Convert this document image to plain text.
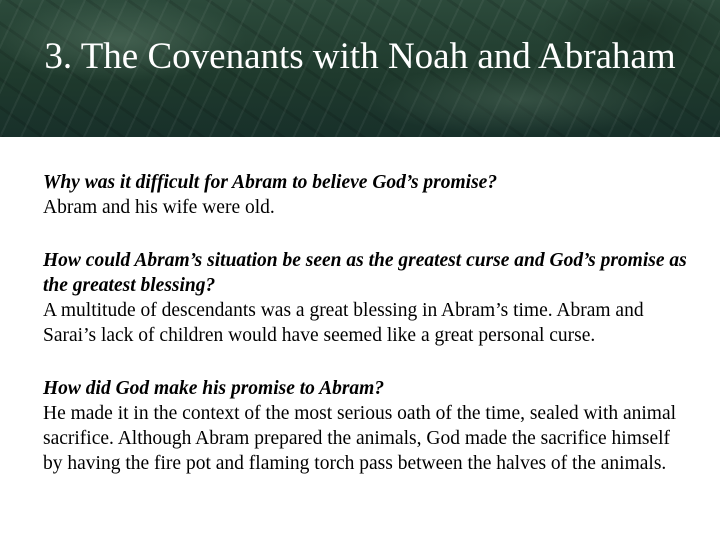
3. The Covenants with Noah and Abraham
Why was it difficult for Abram to believe God’s promise?
Abram and his wife were old.
How could Abram’s situation be seen as the greatest curse and God’s promise as the greatest blessing?
A multitude of descendants was a great blessing in Abram’s time. Abram and Sarai’s lack of children would have seemed like a great personal curse.
How did God make his promise to Abram?
He made it in the context of the most serious oath of the time, sealed with animal sacrifice. Although Abram prepared the animals, God made the sacrifice himself by having the fire pot and flaming torch pass between the halves of the animals.
